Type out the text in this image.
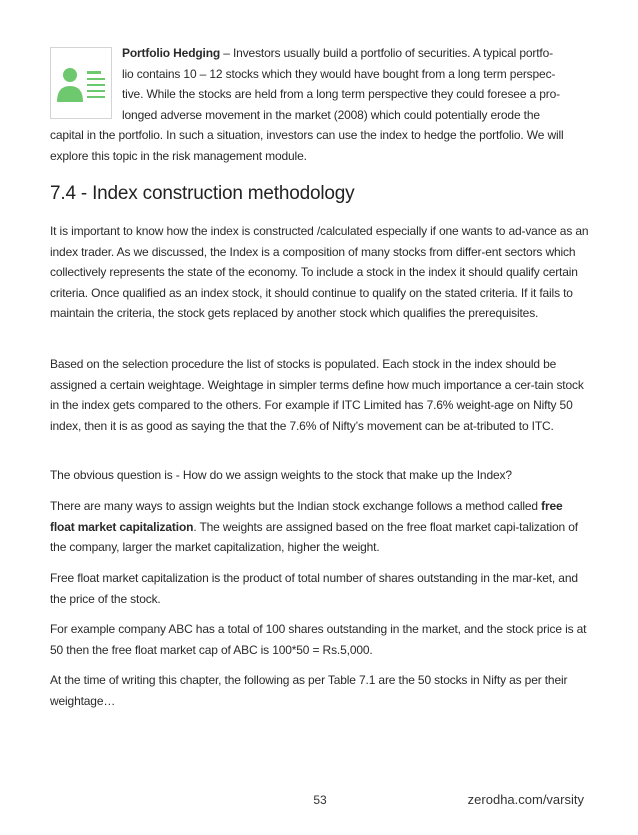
Portfolio Hedging – Investors usually build a portfolio of securities. A typical portfo-
lio contains 10 – 12 stocks which they would have bought from a long term perspec-
tive. While the stocks are held from a long term perspective they could foresee a pro-
longed adverse movement in the market (2008) which could potentially erode the
capital in the portfolio. In such a situation, investors can use the index to hedge the portfolio. We will explore this topic in the risk management module.
7.4 - Index construction methodology

It is important to know how the index is constructed /calculated especially if one wants to ad-vance as an index trader. As we discussed, the Index is a composition of many stocks from differ-ent sectors which collectively represents the state of the economy. To include a stock in the index it should qualify certain criteria. Once qualified as an index stock, it should continue to qualify on the stated criteria. If it fails to maintain the criteria, the stock gets replaced by another stock which qualifies the prerequisites.

Based on the selection procedure the list of stocks is populated. Each stock in the index should be assigned a certain weightage. Weightage in simpler terms define how much importance a cer-tain stock in the index gets compared to the others. For example if ITC Limited has 7.6% weight-age on Nifty 50 index, then it is as good as saying the that the 7.6% of Nifty’s movement can be at-tributed to ITC.

The obvious question is - How do we assign weights to the stock that make up the Index?

There are many ways to assign weights but the Indian stock exchange follows a method called free float market capitalization. The weights are assigned based on the free float market capi-talization of the company, larger the market capitalization, higher the weight.

Free float market capitalization is the product of total number of shares outstanding in the mar-ket, and the price of the stock.

For example company ABC has a total of 100 shares outstanding in the market, and the stock price is at 50 then the free float market cap of ABC is 100*50 = Rs.5,000.

At the time of writing this chapter, the following as per Table 7.1 are the 50 stocks in Nifty as per their weightage…

53	zerodha.com/varsity
